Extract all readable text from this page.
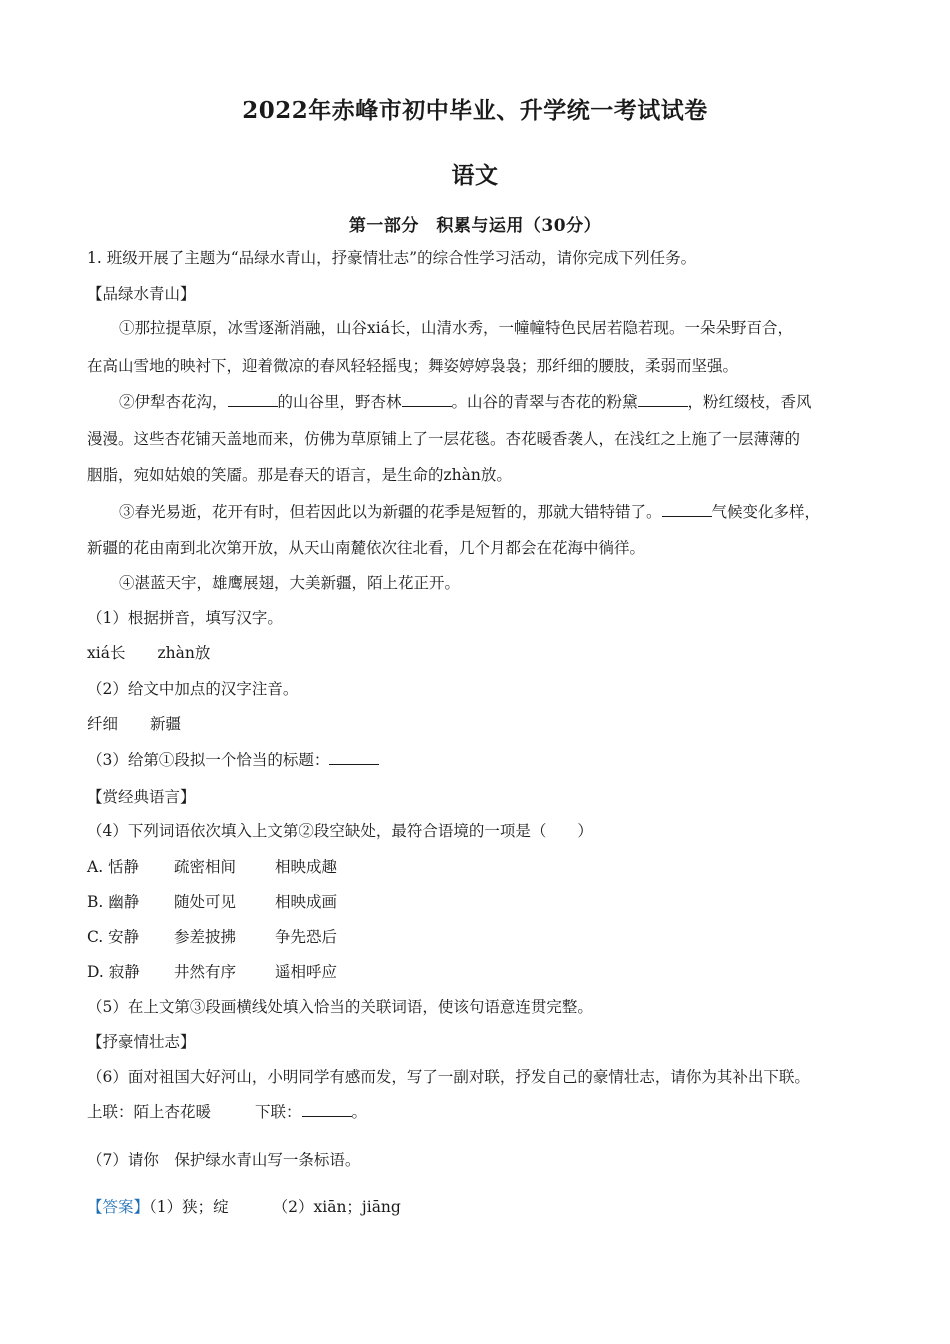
2022年赤峰市初中毕业、升学统一考试试卷
语文
第一部分　积累与运用（30分）
1. 班级开展了主题为“品绿水青山，抒豪情壮志”的综合性学习活动，请你完成下列任务。
【品绿水青山】
①那拉提草原，冰雪逐渐消融，山谷xiá长，山清水秀，一幢幢特色民居若隐若现。一朵朵野百合，
在高山雪地的映衬下，迎着微凉的春风轻轻摇曳；舞姿婷婷袅袅；那纤细的腰肢，柔弱而坚强。
②伊犁杏花沟，	的山谷里，野杏林	。山谷的青翠与杏花的粉黛	，粉红缀枝，香风
漫漫。这些杏花铺天盖地而来，仿佛为草原铺上了一层花毯。杏花暖香袭人，在浅红之上施了一层薄薄的
胭脂，宛如姑娘的笑靥。那是春天的语言，是生命的zhàn放。
③春光易逝，花开有时，但若因此以为新疆的花季是短暂的，那就大错特错了。	气候变化多样，
新疆的花由南到北次第开放，从天山南麓依次往北看，几个月都会在花海中徜徉。
④湛蓝天宇，雄鹰展翅，大美新疆，陌上花正开。
（1）根据拼音，填写汉字。
xiá长 zhàn放
（2）给文中加点的汉字注音。
纤细 新疆
（3）给第①段拟一个恰当的标题：
【赏经典语言】
（4）下列词语依次填入上文第②段空缺处，最符合语境的一项是（　　）
A. 恬静 疏密相间	相映成趣
B. 幽静 随处可见	相映成画
C. 安静 参差披拂	争先恐后
D. 寂静 井然有序	遥相呼应
（5）在上文第③段画横线处填入恰当的关联词语，使该句语意连贯完整。
【抒豪情壮志】
（6）面对祖国大好河山，小明同学有感而发，写了一副对联，抒发自己的豪情壮志，请你为其补出下联。
上联：陌上杏花暖	下联：	。
（7）请你　保护绿水青山写一条标语。
【答案】（1）狭；绽	（2）xiān；jiāng
